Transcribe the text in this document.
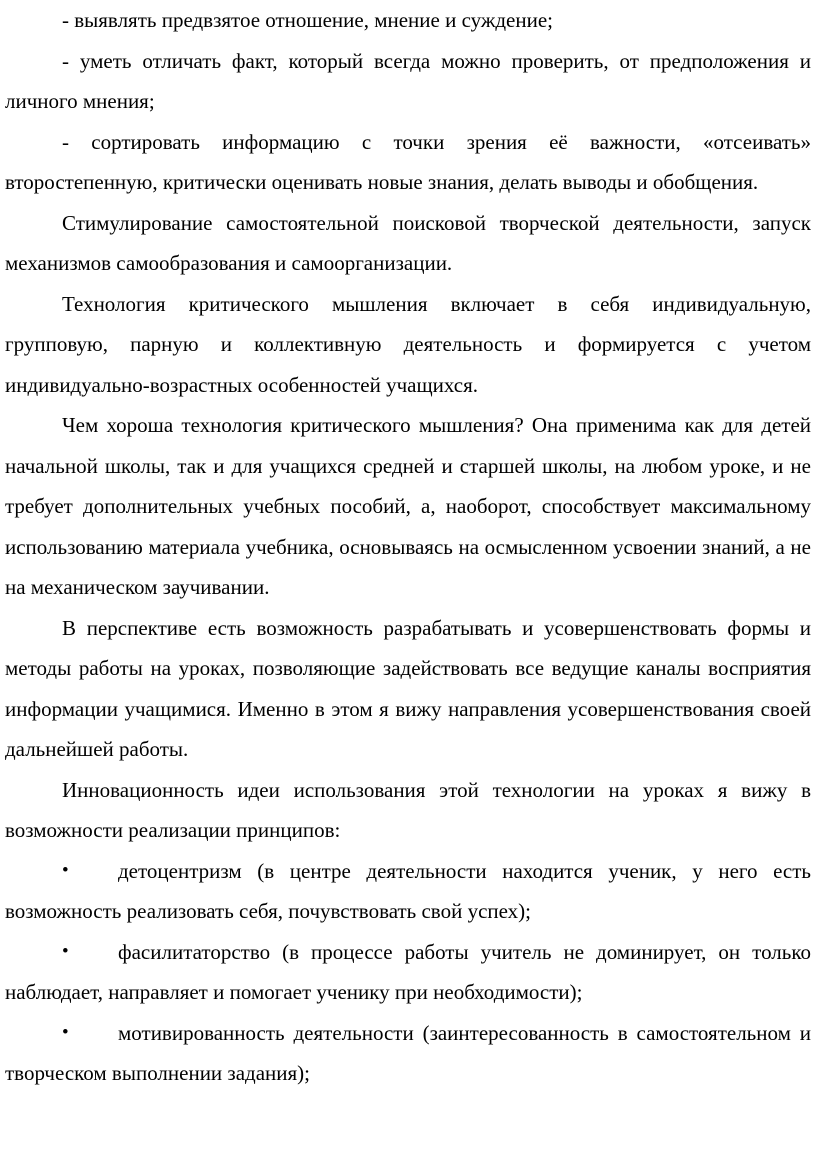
- выявлять предвзятое отношение, мнение и суждение;

- уметь отличать факт, который всегда можно проверить, от предположения и личного мнения;

- сортировать информацию с точки зрения её важности, «отсеивать» второстепенную, критически оценивать новые знания, делать выводы и обобщения.

Стимулирование самостоятельной поисковой творческой деятельности, запуск механизмов самообразования и самоорганизации.

Технология критического мышления включает в себя индивидуальную, групповую, парную и коллективную деятельность и формируется с учетом индивидуально-возрастных особенностей учащихся.

Чем хороша технология критического мышления? Она применима как для детей начальной школы, так и для учащихся средней и старшей школы, на любом уроке, и не требует дополнительных учебных пособий, а, наоборот, способствует максимальному использованию материала учебника, основываясь на осмысленном усвоении знаний, а не на механическом заучивании.

В перспективе есть возможность разрабатывать и усовершенствовать формы и методы работы на уроках, позволяющие задействовать все ведущие каналы восприятия информации учащимися. Именно в этом я вижу направления усовершенствования своей дальнейшей работы.

Инновационность идеи использования этой технологии на уроках я вижу в возможности реализации принципов:

• детоцентризм (в центре деятельности находится ученик, у него есть возможность реализовать себя, почувствовать свой успех);
• фасилитаторство (в процессе работы учитель не доминирует, он только наблюдает, направляет и помогает ученику при необходимости);
• мотивированность деятельности (заинтересованность в самостоятельном и творческом выполнении задания);
